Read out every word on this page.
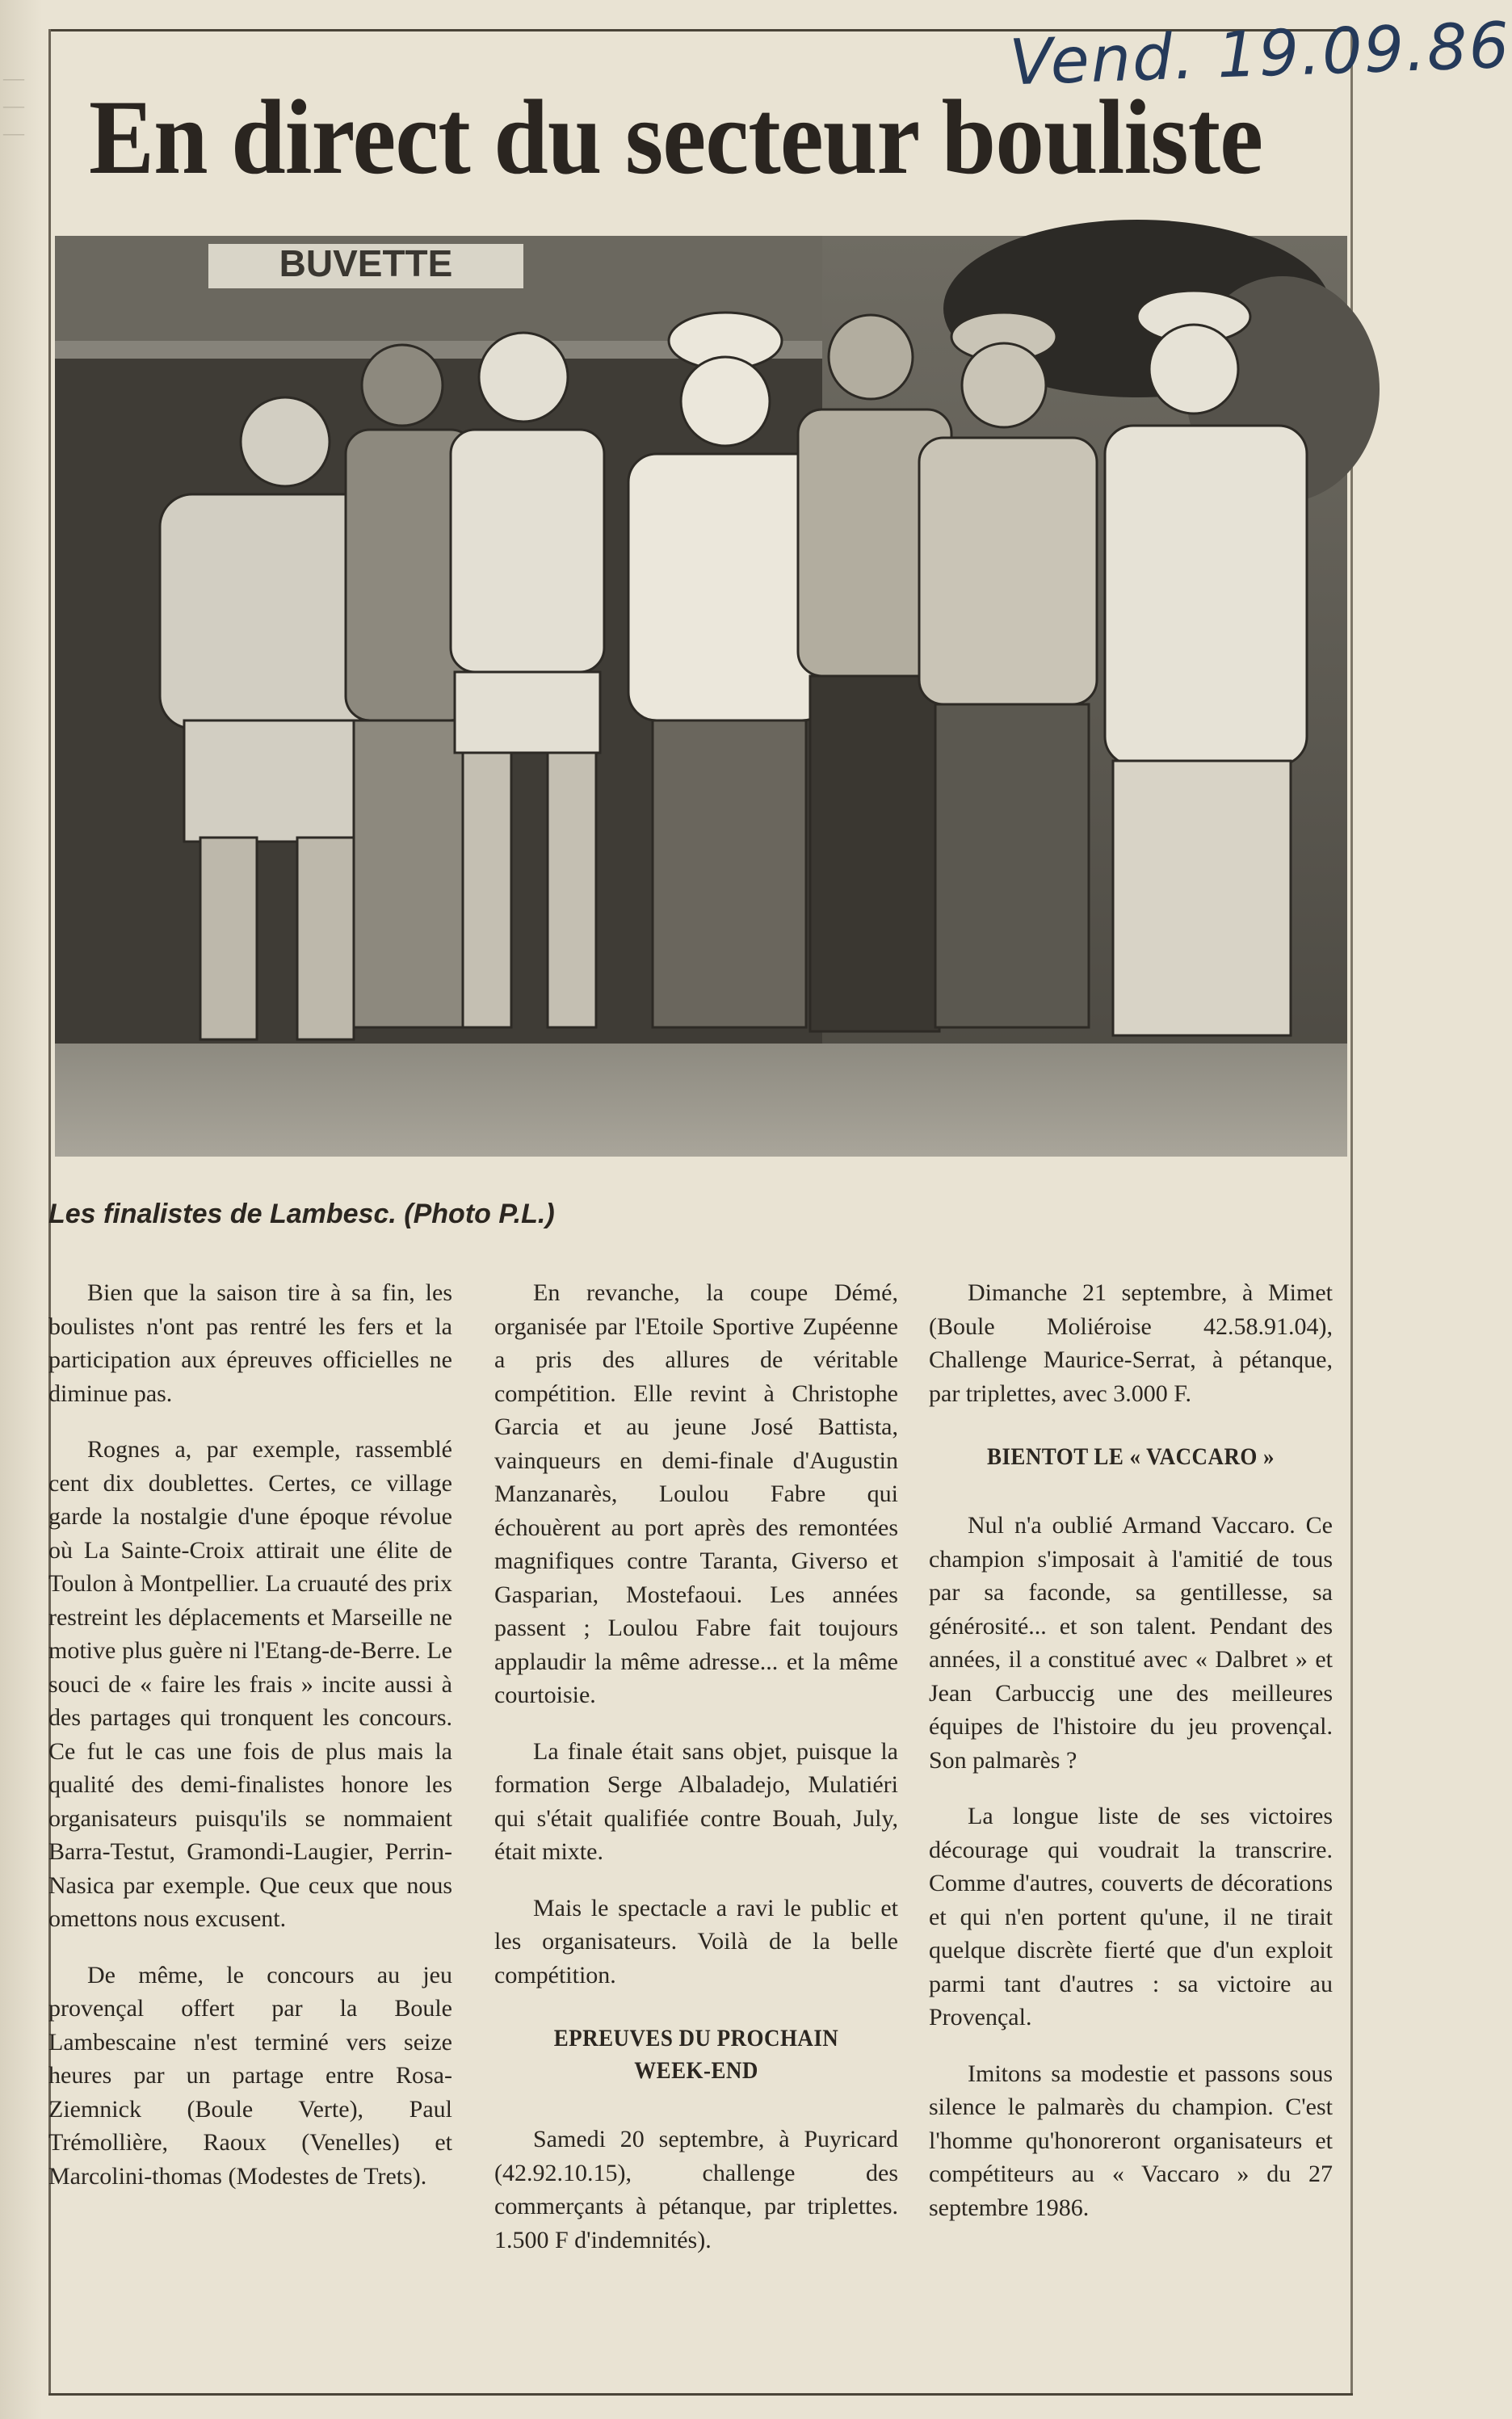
—
—
—
Vend. 19.09.86
En direct du secteur bouliste
BUVETTE
Les finalistes de Lambesc. (Photo P.L.)

Bien que la saison tire à sa fin, les boulistes n'ont pas rentré les fers et la participation aux épreuves officielles ne diminue pas.

Rognes a, par exemple, rassemblé cent dix doublettes. Certes, ce village garde la nostalgie d'une époque révolue où La Sainte-Croix attirait une élite de Toulon à Montpellier. La cruauté des prix restreint les déplacements et Marseille ne motive plus guère ni l'Etang-de-Berre. Le souci de « faire les frais » incite aussi à des partages qui tronquent les concours. Ce fut le cas une fois de plus mais la qualité des demi-finalistes honore les organisateurs puisqu'ils se nommaient Barra-Testut, Gramondi-Laugier, Perrin-Nasica par exemple. Que ceux que nous omettons nous excusent.

De même, le concours au jeu provençal offert par la Boule Lambescaine n'est terminé vers seize heures par un partage entre Rosa-Ziemnick (Boule Verte), Paul Trémollière, Raoux (Venelles) et Marcolini-thomas (Modestes de Trets).

En revanche, la coupe Démé, organisée par l'Etoile Sportive Zupéenne a pris des allures de véritable compétition. Elle revint à Christophe Garcia et au jeune José Battista, vainqueurs en demi-finale d'Augustin Manzanarès, Loulou Fabre qui échouèrent au port après des remontées magnifiques contre Taranta, Giverso et Gasparian, Mostefaoui. Les années passent ; Loulou Fabre fait toujours applaudir la même adresse... et la même courtoisie.

La finale était sans objet, puisque la formation Serge Albaladejo, Mulatiéri qui s'était qualifiée contre Bouah, July, était mixte.

Mais le spectacle a ravi le public et les organisateurs. Voilà de la belle compétition.

EPREUVES DU PROCHAIN WEEK-END

Samedi 20 septembre, à Puyricard (42.92.10.15), challenge des commerçants à pétanque, par triplettes. 1.500 F d'indemnités).

Dimanche 21 septembre, à Mimet (Boule Moliéroise 42.58.91.04), Challenge Maurice-Serrat, à pétanque, par triplettes, avec 3.000 F.

BIENTOT LE « VACCARO »

Nul n'a oublié Armand Vaccaro. Ce champion s'imposait à l'amitié de tous par sa faconde, sa gentillesse, sa générosité... et son talent. Pendant des années, il a constitué avec « Dalbret » et Jean Carbuccig une des meilleures équipes de l'histoire du jeu provençal. Son palmarès ?

La longue liste de ses victoires décourage qui voudrait la transcrire. Comme d'autres, couverts de décorations et qui n'en portent qu'une, il ne tirait quelque discrète fierté que d'un exploit parmi tant d'autres : sa victoire au Provençal.

Imitons sa modestie et passons sous silence le palmarès du champion. C'est l'homme qu'honoreront organisateurs et compétiteurs au « Vaccaro » du 27 septembre 1986.
